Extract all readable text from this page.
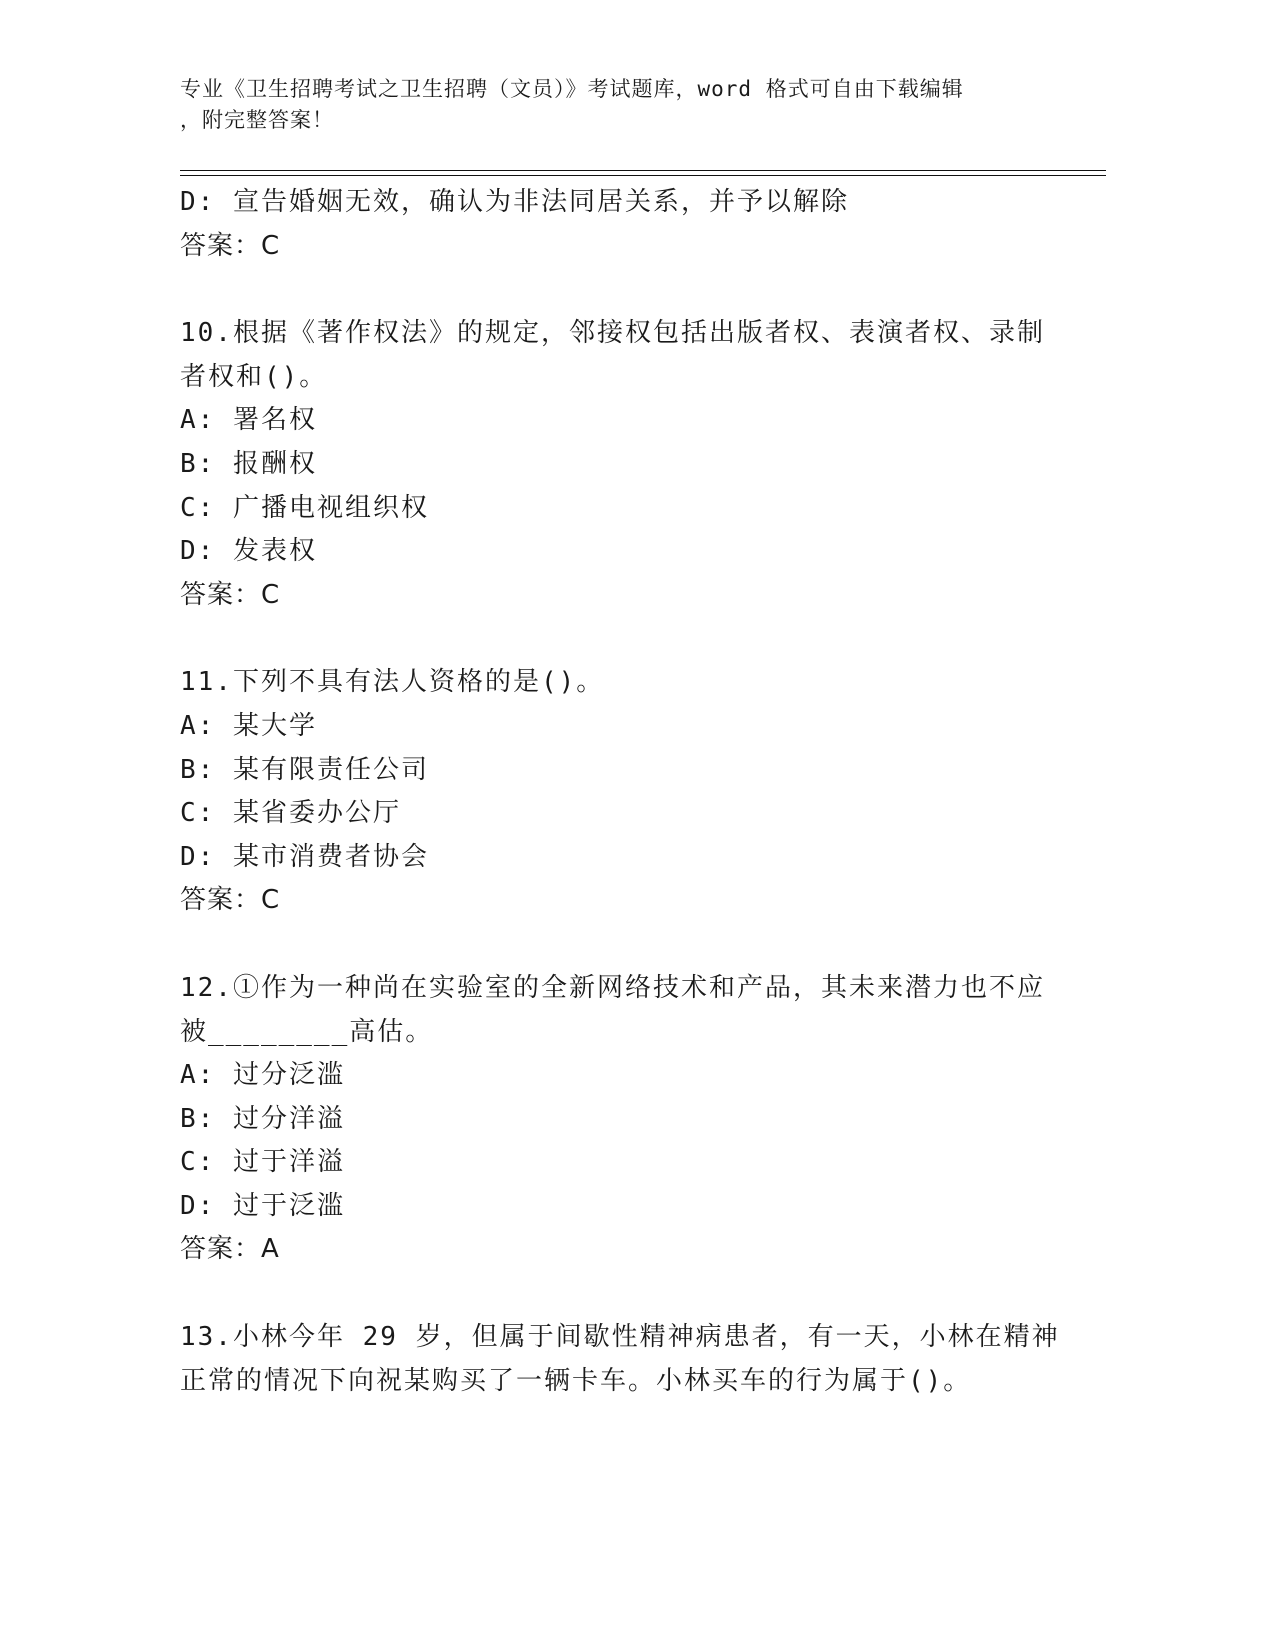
专业《卫生招聘考试之卫生招聘（文员）》考试题库，word 格式可自由下载编辑
，附完整答案！
D: 宣告婚姻无效，确认为非法同居关系，并予以解除
答案：C
10.根据《著作权法》的规定，邻接权包括出版者权、表演者权、录制
者权和()。
A: 署名权
B: 报酬权
C: 广播电视组织权
D: 发表权
答案：C
11.下列不具有法人资格的是()。
A: 某大学
B: 某有限责任公司
C: 某省委办公厅
D: 某市消费者协会
答案：C
12.①作为一种尚在实验室的全新网络技术和产品，其未来潜力也不应
被________高估。
A: 过分泛滥
B: 过分洋溢
C: 过于洋溢
D: 过于泛滥
答案：A
13.小林今年 29 岁，但属于间歇性精神病患者，有一天，小林在精神
正常的情况下向祝某购买了一辆卡车。小林买车的行为属于()。
